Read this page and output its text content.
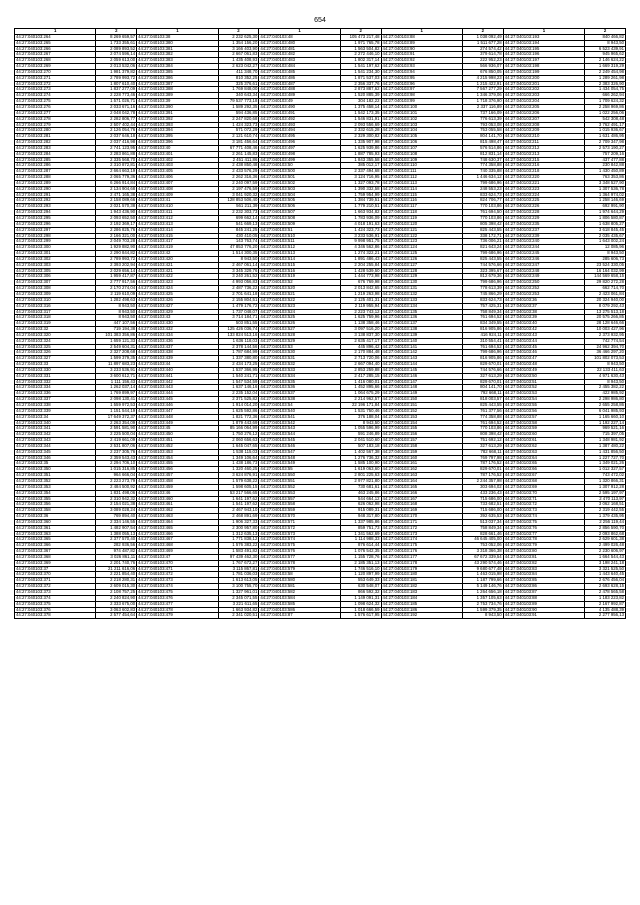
654
1	2	1	2	1	2	1	2	1	2
44:27:040103:264	8 269 659,57	44:27:040103:38	2 232 625,30	44:27:040103:48	105 473 217,48	44:27:040103:88	1 038 092,49	44:27:040103:193	840 466,82
44:27:040103:265	1 733 355,61	44:27:040103:380	1 354 156,20	44:27:040103:480	1 971 765,78	44:27:040103:89	1 511 677,28	44:27:040103:194	8 943,50
44:27:040103:266	2 089 893,52	44:27:040103:381	3 166 403,90	44:27:040103:481	1 563 504,82	44:27:040103:90	274 574,42	44:27:040103:195	6 523 439,91
44:27:040103:267	2 074 596,14	44:27:040103:382	2 667 061,83	44:27:040103:482	2 272 446,10	44:27:040103:91	379 614,78	44:27:040103:196	945 965,62
44:27:040103:268	2 059 613,00	44:27:040103:383	1 435 408,93	44:27:040103:483	1 802 317,14	44:27:040103:92	222 952,23	44:27:040103:197	2 146 624,22
44:27:040103:269	2 013 532,06	44:27:040103:384	2 623 042,27	44:27:040103:484	1 541 197,62	44:27:040103:93	566 936,07	44:27:040103:198	1 669 319,29
44:27:040103:270	1 981 379,82	44:27:040103:385	411 348,70	44:27:040103:485	1 541 234,30	44:27:040103:94	676 850,05	44:27:040103:199	2 249 454,98
44:27:040103:271	2 789 993,72	44:27:040103:386	810 352,25	44:27:040103:486	1 871 537,03	44:27:040103:95	4 215 998,23	44:27:040103:200	1 289 261,98
44:27:040103:272	1 807 610,40	44:27:040103:387	325 376,61	44:27:040103:487	2 356 337,76	44:27:040103:96	1 215 422,91	44:27:040103:201	2 383 326,90
44:27:040103:273	1 837 277,09	44:27:040103:388	1 769 848,00	44:27:040103:488	2 873 887,62	44:27:040103:97	7 567 277,29	44:27:040103:202	1 434 054,75
44:27:040103:274	2 228 773,46	44:27:040103:389	340 643,34	44:27:040103:489	1 520 885,39	44:27:040103:98	1 346 379,06	44:27:040103:203	666 262,94
44:27:040103:275	1 571 026,71	44:27:040103:39	79 537 773,18	44:27:040103:49	304 182,22	44:27:040103:99	1 718 376,90	44:27:040103:204	1 709 624,32
44:27:040103:276	2 033 671,16	44:27:040103:390	1 589 292,35	44:27:040103:490	1 375 458,14	44:27:040103:100	2 337 116,89	44:27:040103:205	2 258 969,86
44:27:040103:277	2 048 042,78	44:27:040103:391	594 436,85	44:27:040103:491	1 542 173,35	44:27:040103:101	737 166,09	44:27:040103:206	1 022 256,06
44:27:040103:278	2 282 806,77	44:27:040103:392	2 247 820,68	44:27:040103:492	1 546 831,91	44:27:040103:102	776 613,39	44:27:040103:207	542 308,48
44:27:040103:279	2 507 402,44	44:27:040103:393	1 424 323,73	44:27:040103:493	2 093 556,69	44:27:040103:103	793 053,08	44:27:040103:208	3 762 491,17
44:27:040103:280	2 126 054,76	44:27:040103:394	571 072,29	44:27:040103:494	2 332 615,28	44:27:040103:104	753 055,58	44:27:040103:209	1 015 936,67
44:27:040103:281	2 037 646,18	44:27:040103:395	2 121 610,74	44:27:040103:495	2 329 300,82	44:27:040103:105	804 141,70	44:27:040103:210	1 631 486,95
44:27:040103:282	2 037 416,98	44:27:040103:396	3 181 456,64	44:27:040103:496	1 335 907,98	44:27:040103:106	815 498,47	44:27:040103:211	2 709 347,98
44:27:040103:283	2 741 123,95	44:27:040103:40	67 771 408,46	44:27:040103:497	1 625 939,86	44:27:040103:107	576 514,86	44:27:040103:212	2 573 190,27
44:27:040103:284	2 283 861,88	44:27:040103:401	2 261 145,83	44:27:040103:498	1 887 785,93	44:27:040103:108	812 831,14	44:27:040103:213	757 209,16
44:27:040103:285	2 335 568,70	44:27:040103:402	2 451 411,86	44:27:040103:499	1 843 355,58	44:27:040103:109	748 630,37	44:27:040103:215	437 477,88
44:27:040103:286	2 310 872,81	44:27:040103:403	2 438 850,48	44:27:040103:50	385 012,17	44:27:040103:110	774 358,88	44:27:040103:216	230 842,88
44:27:040103:287	2 664 663,19	44:27:040103:405	2 433 576,29	44:27:040103:500	2 337 494,68	44:27:040103:111	740 335,88	44:27:040103:218	1 430 450,89
44:27:040103:288	2 065 779,36	44:27:040103:406	2 262 316,36	44:27:040103:501	3 124 716,95	44:27:040103:112	1 446 634,12	44:27:040103:220	763 353,86
44:27:040103:289	6 266 914,84	44:27:040103:407	2 240 097,59	44:27:040103:502	1 327 093,78	44:27:040103:113	799 686,96	44:27:040103:221	3 348 527,90
44:27:040103:290	2 134 904,68	44:27:040103:408	2 197 476,59	44:27:040103:503	1 390 332,58	44:27:040103:114	248 553,23	44:27:040103:223	1 307 536,78
44:27:040103:291	2 471 165,38	44:27:040103:409	3 041 920,32	44:27:040103:504	1 759 954,99	44:27:040103:115	833 624,73	44:27:040103:224	1 364 974,02
44:27:040103:292	2 158 089,66	44:27:040103:41	128 853 506,40	44:27:040103:505	1 384 739,51	44:27:040103:116	824 706,77	44:27:040103:225	1 258 146,69
44:27:040103:293	2 021 570,38	44:27:040103:410	561 211,39	44:27:040103:506	1 779 210,51	44:27:040103:117	770 103,86	44:27:040103:226	692 991,90
44:27:040103:294	1 943 436,90	44:27:040103:411	2 232 303,73	44:27:040103:507	1 663 934,82	44:27:040103:118	761 694,50	44:27:040103:228	1 974 644,29
44:27:040103:295	2 093 652,50	44:27:040103:412	699 662,14	44:27:040103:508	1 783 936,09	44:27:040103:119	770 103,86	44:27:040103:229	1 806 580,87
44:27:040103:296	2 192 369,17	44:27:040103:413	541 669,13	44:27:040103:509	4 018 191,63	44:27:040103:120	805 398,42	44:27:040103:235	1 638 805,27
44:27:040103:297	2 286 825,76	44:27:040103:414	845 241,25	44:27:040103:51	1 424 323,73	44:27:040103:121	825 443,55	44:27:040103:237	3 618 845,45
44:27:040103:298	2 166 321,00	44:27:040103:415	430 410,05	44:27:040103:510	3 233 536,91	44:27:040103:122	338 172,71	44:27:040103:239	2 035 435,67
44:27:040103:299	2 049 703,28	44:27:040103:417	143 763,74	44:27:040103:511	9 998 951,75	44:27:040103:123	736 006,21	44:27:040103:240	1 643 002,24
44:27:040103:300	1 929 882,90	44:27:040103:419	47 853 776,20	44:27:040103:512	4 346 562,86	44:27:040103:124	821 643,24	44:27:040103:244	12 085,96
44:27:040103:301	2 290 844,82	44:27:040103:42	1 514 300,35	44:27:040103:513	1 274 322,21	44:27:040103:125	799 686,96	44:27:040103:245	8 943,50
44:27:040103:302	2 789 993,72	44:27:040103:420	8 943,50	44:27:040103:514	1 891 486,43	44:27:040103:126	825 443,55	44:27:040103:246	285 606,73
44:27:040103:303	2 393 202,94	44:27:040103:421	2 467 061,14	44:27:040103:515	2 204 255,84	44:27:040103:127	744 576,66	44:27:040103:247	23 524 330,05
44:27:040103:305	2 029 656,14	44:27:040103:421	3 345 329,76	44:27:040103:516	1 428 539,50	44:27:040103:128	323 395,67	44:27:040103:248	16 164 032,99
44:27:040103:306	1 959 417,87	44:27:040103:422	3 240 261,52	44:27:040103:519	1 444 773,98	44:27:040103:129	812 679,36	44:27:040103:249	144 569 658,15
44:27:040103:307	2 777 917,56	44:27:040103:423	4 993 056,83	44:27:040103:52	676 769,98	44:27:040103:130	799 686,96	44:27:040103:250	29 820 272,28
44:27:040103:308	2 170 274,04	44:27:040103:424	2 487 736,22	44:27:040103:520	2 013 842,65	44:27:040103:131	778 613,39	44:27:040103:252	662 714,70
44:27:040103:309	2 119 610,09	44:27:040103:425	2 701 641,18	44:27:040103:521	1 219 263,98	44:27:040103:132	745 866,29	44:27:040103:253	2 423 061,84
44:27:040103:310	1 282 498,63	44:27:040103:426	2 155 804,51	44:27:040103:522	2 125 401,31	44:27:040103:133	833 624,73	44:27:040103:36	20 324 940,00
44:27:040103:316	8 943,50	44:27:040103:427	1 479 176,72	44:27:040103:523	2 119 955,94	44:27:040103:134	757 425,31	44:27:040103:37	8 079 292,43
44:27:040103:317	8 943,50	44:27:040103:429	1 737 048,07	44:27:040103:524	2 223 743,12	44:27:040103:135	758 849,34	44:27:040103:38	13 275 513,18
44:27:040103:318	8 943,50	44:27:040103:43	3 714 184,71	44:27:040103:525	1 625 759,96	44:27:040103:136	761 694,52	44:27:040103:39	20 575 266,85
44:27:040103:319	447 107,56	44:27:040103:430	503 851,55	44:27:040103:526	1 138 358,46	44:27:040103:137	834 349,55	44:27:040103:40	28 128 646,66
44:27:040103:32	719 194,38	44:27:040103:432	125 426 036,74	44:27:040103:527	3 097 516,20	44:27:040103:138	816 905,86	44:27:040103:42	10 003 427,96
44:27:040103:320	101 383 356,86	44:27:040103:434	133 824 513,16	44:27:040103:528	3 138 837,30	44:27:040103:139	416 924,11	44:27:040103:43	2 373 932,95
44:27:040103:324	1 659 121,33	44:27:040103:436	1 636 118,03	44:27:040103:529	2 635 417,17	44:27:040103:140	310 554,41	44:27:040103:44	742 774,54
44:27:040103:325	2 549 604,31	44:27:040103:437	2 378 144,56	44:27:040103:53	445 896,42	44:27:040103:141	761 694,52	44:27:040103:45	24 962 394,70
44:27:040103:326	2 327 208,68	44:27:040103:438	1 787 684,99	44:27:040103:530	2 170 884,48	44:27:040103:142	799 686,96	44:27:040103:46	36 466 297,20
44:27:040103:327	1 599 379,35	44:27:040103:439	1 337 380,80	44:27:040103:531	2 713 720,06	44:27:040103:143	816 905,86	44:27:040103:47	101 802 073,53
44:27:040103:33	11 897 683,23	44:27:040103:44	2 434 173,25	44:27:040103:532	2 667 094,40	44:27:040103:144	829 670,01	44:27:040103:48	8 943,50
44:27:040103:330	3 233 536,91	44:27:040103:440	1 537 366,95	44:27:040103:533	2 853 259,88	44:27:040103:145	744 576,66	44:27:040103:49	22 133 411,63
44:27:040103:331	3 600 612,71	44:27:040103:441	1 540 241,71	44:27:040103:534	2 417 285,15	44:27:040103:146	327 613,29	44:27:040103:50	4 971 630,43
44:27:040103:332	1 111 156,43	44:27:040103:442	1 547 534,59	44:27:040103:535	1 416 080,01	44:27:040103:147	829 670,01	44:27:040103:51	8 943,50
44:27:040103:334	1 262 037,14	44:27:040103:443	1 637 146,16	44:27:040103:536	1 452 895,66	44:27:040103:148	804 141,70	44:27:040103:52	2 455 382,22
44:27:040103:336	1 769 899,97	44:27:040103:444	2 235 152,04	44:27:040103:537	1 064 675,29	44:27:040103:149	792 668,11	44:27:040103:53	422 985,92
44:27:040103:337	2 098 130,41	44:27:040103:445	2 371 525,82	44:27:040103:538	2 214 962,57	44:27:040103:150	818 003,57	44:27:040103:54	2 298 986,80
44:27:040103:338	1 559 972,53	44:27:040103:446	1 914 014,20	44:27:040103:54	22 196 171,84	44:27:040103:151	825 443,55	44:27:040103:55	2 655 258,86
44:27:040103:339	1 151 544,19	44:27:040103:447	1 625 592,86	44:27:040103:540	1 531 750,46	44:27:040103:152	761 377,56	44:27:040103:56	6 041 985,93
44:27:040103:34	17 649 372,37	44:27:040103:448	1 821 772,36	44:27:040103:541	376 188,04	44:27:040103:153	774 358,88	44:27:040103:57	1 165 660,10
44:27:040103:340	2 263 354,09	44:27:040103:449	1 879 443,69	44:27:040103:542	8 943,50	44:27:040103:154	761 694,52	44:27:040103:58	1 192 227,14
44:27:040103:341	2 591 581,90	44:27:040103:45	85 166 064,99	44:27:040103:543	1 055 596,99	44:27:040103:155	770 103,86	44:27:040103:59	969 521,16
44:27:040103:342	2 225 500,04	44:27:040103:450	1 750 276,12	44:27:040103:544	591 246,89	44:27:040103:156	808 398,42	44:27:040103:60	715 397,05
44:27:040103:343	2 419 661,09	44:27:040103:451	2 060 656,63	44:27:040103:545	2 041 510,60	44:27:040103:157	751 692,12	44:27:040103:61	1 348 981,92
44:27:040103:344	2 531 807,06	44:27:040103:452	1 645 047,65	44:27:040103:546	507 183,18	44:27:040103:158	327 613,29	44:27:040103:62	1 387 480,22
44:27:040103:345	2 237 305,76	44:27:040103:453	1 538 115,03	44:27:040103:547	1 402 567,38	44:27:040103:159	782 668,11	44:27:040103:63	1 431 856,50
44:27:040103:346	2 359 543,43	44:27:040103:454	1 349 106,64	44:27:040103:548	1 276 736,32	44:27:040103:160	769 797,98	44:27:040103:64	1 227 727,70
44:27:040103:35	2 294 706,10	44:27:040103:455	1 438 186,73	44:27:040103:549	1 585 100,90	44:27:040103:161	787 176,52	44:27:040103:65	1 349 021,26
44:27:040103:350	1 015 316,85	44:27:040103:456	1 320 460,25	44:27:040103:55	1 619 063,60	44:27:040103:162	829 670,01	44:27:040103:66	1 012 327,57
44:27:040103:351	964 666,04	44:27:040103:457	3 624 876,91	44:27:040103:550	2 801 225,63	44:27:040103:163	787 176,52	44:27:040103:67	743 472,02
44:27:040103:352	2 223 273,79	44:27:040103:458	1 579 638,22	44:27:040103:551	2 977 821,80	44:27:040103:164	2 244 357,98	44:27:040103:68	1 320 866,31
44:27:040103:353	2 484 500,92	44:27:040103:459	1 598 605,15	44:27:040103:552	730 681,61	44:27:040103:165	303 694,02	44:27:040103:69	1 307 912,28
44:27:040103:354	1 831 498,06	44:27:040103:46	53 217 566,65	44:27:040103:553	463 245,86	44:27:040103:166	433 236,43	44:27:040103:70	2 595 197,97
44:27:040103:355	2 310 942,32	44:27:040103:460	1 641 197,62	44:27:040103:557	544 664,12	44:27:040103:167	715 686,00	44:27:040103:71	2 470 113,97
44:27:040103:356	2 154 021,38	44:27:040103:461	1 541 197,62	44:27:040103:558	626 062,98	44:27:040103:168	733 682,51	44:27:040103:72	3 062 168,51
44:27:040103:358	3 089 028,24	44:27:040103:462	2 467 943,10	44:27:040103:559	915 089,31	44:27:040103:169	715 686,00	44:27:040103:73	2 319 442,55
44:27:040103:36	769 894,40	44:27:040103:463	2 468 891,69	44:27:040103:570	948 317,80	44:27:040103:170	392 635,53	44:27:040103:74	1 379 435,95
44:27:040103:360	2 334 146,55	44:27:040103:464	1 906 327,33	44:27:040103:571	1 337 985,86	44:27:040103:171	513 037,34	44:27:040103:75	2 256 119,44
44:27:040103:361	1 482 907,54	44:27:040103:465	2 300 957,80	44:27:040103:572	859 751,73	44:27:040103:172	758 849,34	44:27:040103:76	2 856 590,70
44:27:040103:363	1 388 055,13	44:27:040103:466	1 312 635,13	44:27:040103:573	1 341 562,69	44:27:040103:173	828 661,46	44:27:040103:77	2 093 862,68
44:27:040103:365	2 377 570,40	44:27:040103:467	1 771 838,12	44:27:040103:574	1 114 988,33	44:27:040103:174	46 645 405,00	44:27:040103:78	2 629 601,38
44:27:040103:366	282 936,56	44:27:040103:468	1 576 383,22	44:27:040103:575	876 614,44	44:27:040103:175	753 052,06	44:27:040103:79	2 499 026,48
44:27:040103:367	974 487,82	44:27:040103:469	1 583 491,82	44:27:040103:576	1 076 542,35	44:27:040103:176	3 318 366,38	44:27:040103:80	2 230 606,97
44:27:040103:368	3 026 861,11	44:27:040103:47	97 439 462,30	44:27:040103:577	1 155 728,76	44:27:040103:177	67 672 339,54	44:27:040103:81	1 664 544,43
44:27:040103:369	2 201 740,76	44:27:040103:470	1 767 672,27	44:27:040103:578	2 185 351,13	44:27:040103:178	43 290 574,46	44:27:040103:82	3 198 241,18
44:27:040103:37	21 211 616,06	44:27:040103:471	3 115 867,81	44:27:040103:579	1 746 516,10	44:27:040103:179	9 680 677,48	44:27:040103:83	3 321 525,50
44:27:040103:370	2 221 854,40	44:27:040103:472	1 781 036,03	44:27:040103:58	1 120 897,99	44:27:040103:180	1 463 015,98	44:27:040103:84	1 443 640,45
44:27:040103:371	2 218 280,31	44:27:040103:473	1 613 613,05	44:27:040103:580	553 649,33	44:27:040103:181	1 187 799,66	44:27:040103:85	2 676 456,04
44:27:040103:372	2 609 015,30	44:27:040103:474	3 100 755,70	44:27:040103:581	630 548,07	44:27:040103:182	5 149 146,76	44:27:040103:86	2 693 628,15
44:27:040103:373	2 108 757,25	44:27:040103:475	1 327 961,01	44:27:040103:582	866 592,32	44:27:040103:183	1 264 656,18	44:27:040103:87	2 478 565,58
44:27:040103:374	2 240 824,90	44:27:040103:476	2 345 071,55	44:27:040103:584	1 149 091,31	44:27:040103:184	1 357 105,63	44:27:040103:88	1 183 223,82
44:27:040103:375	2 333 675,00	44:27:040103:477	3 221 611,65	44:27:040103:585	1 098 624,32	44:27:040103:185	2 753 734,76	44:27:040103:89	2 167 992,87
44:27:040103:376	3 063 602,83	44:27:040103:478	1 663 934,82	44:27:040103:586	1 018 666,59	44:27:040103:186	1 599 379,35	44:27:040103:90	4 135 488,39
44:27:040103:378	2 577 454,64	44:27:040103:479	2 341 020,51	44:27:040103:87	1 576 617,95	44:27:040103:192	8 943,50	44:27:040103:91	2 277 956,13
